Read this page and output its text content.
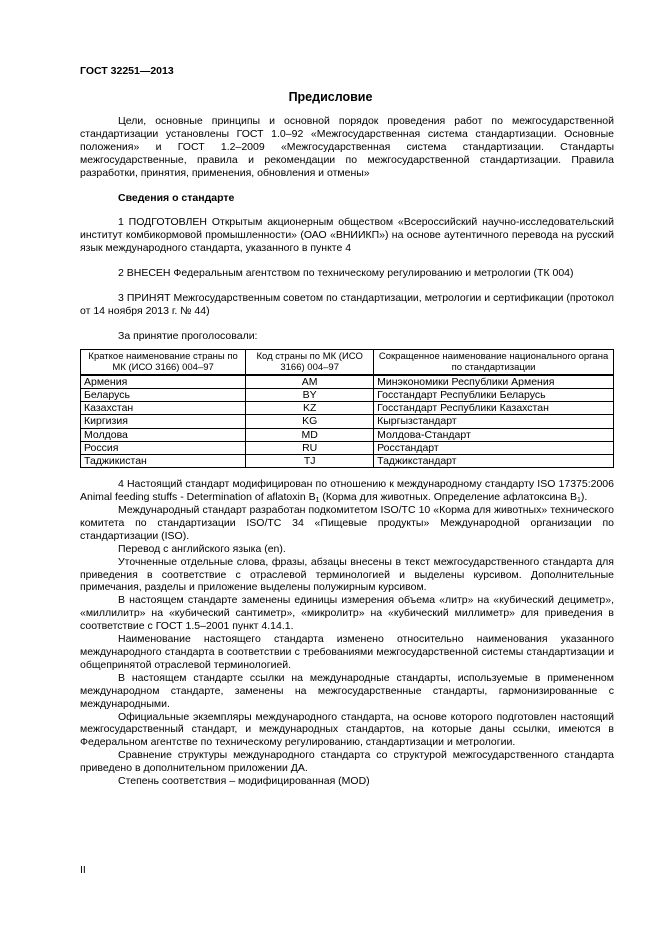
ГОСТ 32251—2013
Предисловие

Цели, основные принципы и основной порядок проведения работ по межгосударственной стандартизации установлены ГОСТ 1.0–92 «Межгосударственная система стандартизации. Основные положения» и ГОСТ 1.2–2009 «Межгосударственная система стандартизации. Стандарты межгосударственные, правила и рекомендации по межгосударственной стандартизации. Правила разработки, принятия, применения, обновления и отмены»

Сведения о стандарте

1 ПОДГОТОВЛЕН Открытым акционерным обществом «Всероссийский научно-исследовательский институт комбикормовой промышленности» (ОАО «ВНИИКП») на основе аутентичного перевода на русский язык международного стандарта, указанного в пункте 4

2 ВНЕСЕН Федеральным агентством по техническому регулированию и метрологии (ТК 004)

3 ПРИНЯТ Межгосударственным советом по стандартизации, метрологии и сертификации (протокол от 14 ноября 2013 г. № 44)

За принятие проголосовали:

Краткое наименование страны по МК (ИСО 3166) 004–97	Код страны по МК (ИСО 3166) 004–97	Сокращенное наименование национального органа по стандартизации
Армения	AM	Минэкономики Республики Армения
Беларусь	BY	Госстандарт Республики Беларусь
Казахстан	KZ	Госстандарт Республики Казахстан
Киргизия	KG	Кыргызстандарт
Молдова	MD	Молдова-Стандарт
Россия	RU	Росстандарт
Таджикистан	TJ	Таджикстандарт

4 Настоящий стандарт модифицирован по отношению к международному стандарту ISO 17375:2006 Animal feeding stuffs - Determination of aflatoxin $B_1$ (Корма для животных. Определение афлатоксина $B_1$).

Международный стандарт разработан подкомитетом ISO/TC 10 «Корма для животных» технического комитета по стандартизации ISO/TC 34 «Пищевые продукты» Международной организации по стандартизации (ISO).

Перевод с английского языка (en).

Уточненные отдельные слова, фразы, абзацы внесены в текст межгосударственного стандарта для приведения в соответствие с отраслевой терминологией и выделены курсивом. Дополнительные примечания, разделы и приложение выделены полужирным курсивом.

В настоящем стандарте заменены единицы измерения объема «литр» на «кубический дециметр», «миллилитр» на «кубический сантиметр», «микролитр» на «кубический миллиметр» для приведения в соответствие с ГОСТ 1.5–2001 пункт 4.14.1.

Наименование настоящего стандарта изменено относительно наименования указанного международного стандарта в соответствии с требованиями межгосударственной системы стандартизации и общепринятой отраслевой терминологией.

В настоящем стандарте ссылки на международные стандарты, используемые в примененном международном стандарте, заменены на межгосударственные стандарты, гармонизированные с международными.

Официальные экземпляры международного стандарта, на основе которого подготовлен настоящий межгосударственный стандарт, и международных стандартов, на которые даны ссылки, имеются в Федеральном агентстве по техническому регулированию, стандартизации и метрологии.

Сравнение структуры международного стандарта со структурой межгосударственного стандарта приведено в дополнительном приложении ДА.

Степень соответствия – модифицированная (MOD)

II
